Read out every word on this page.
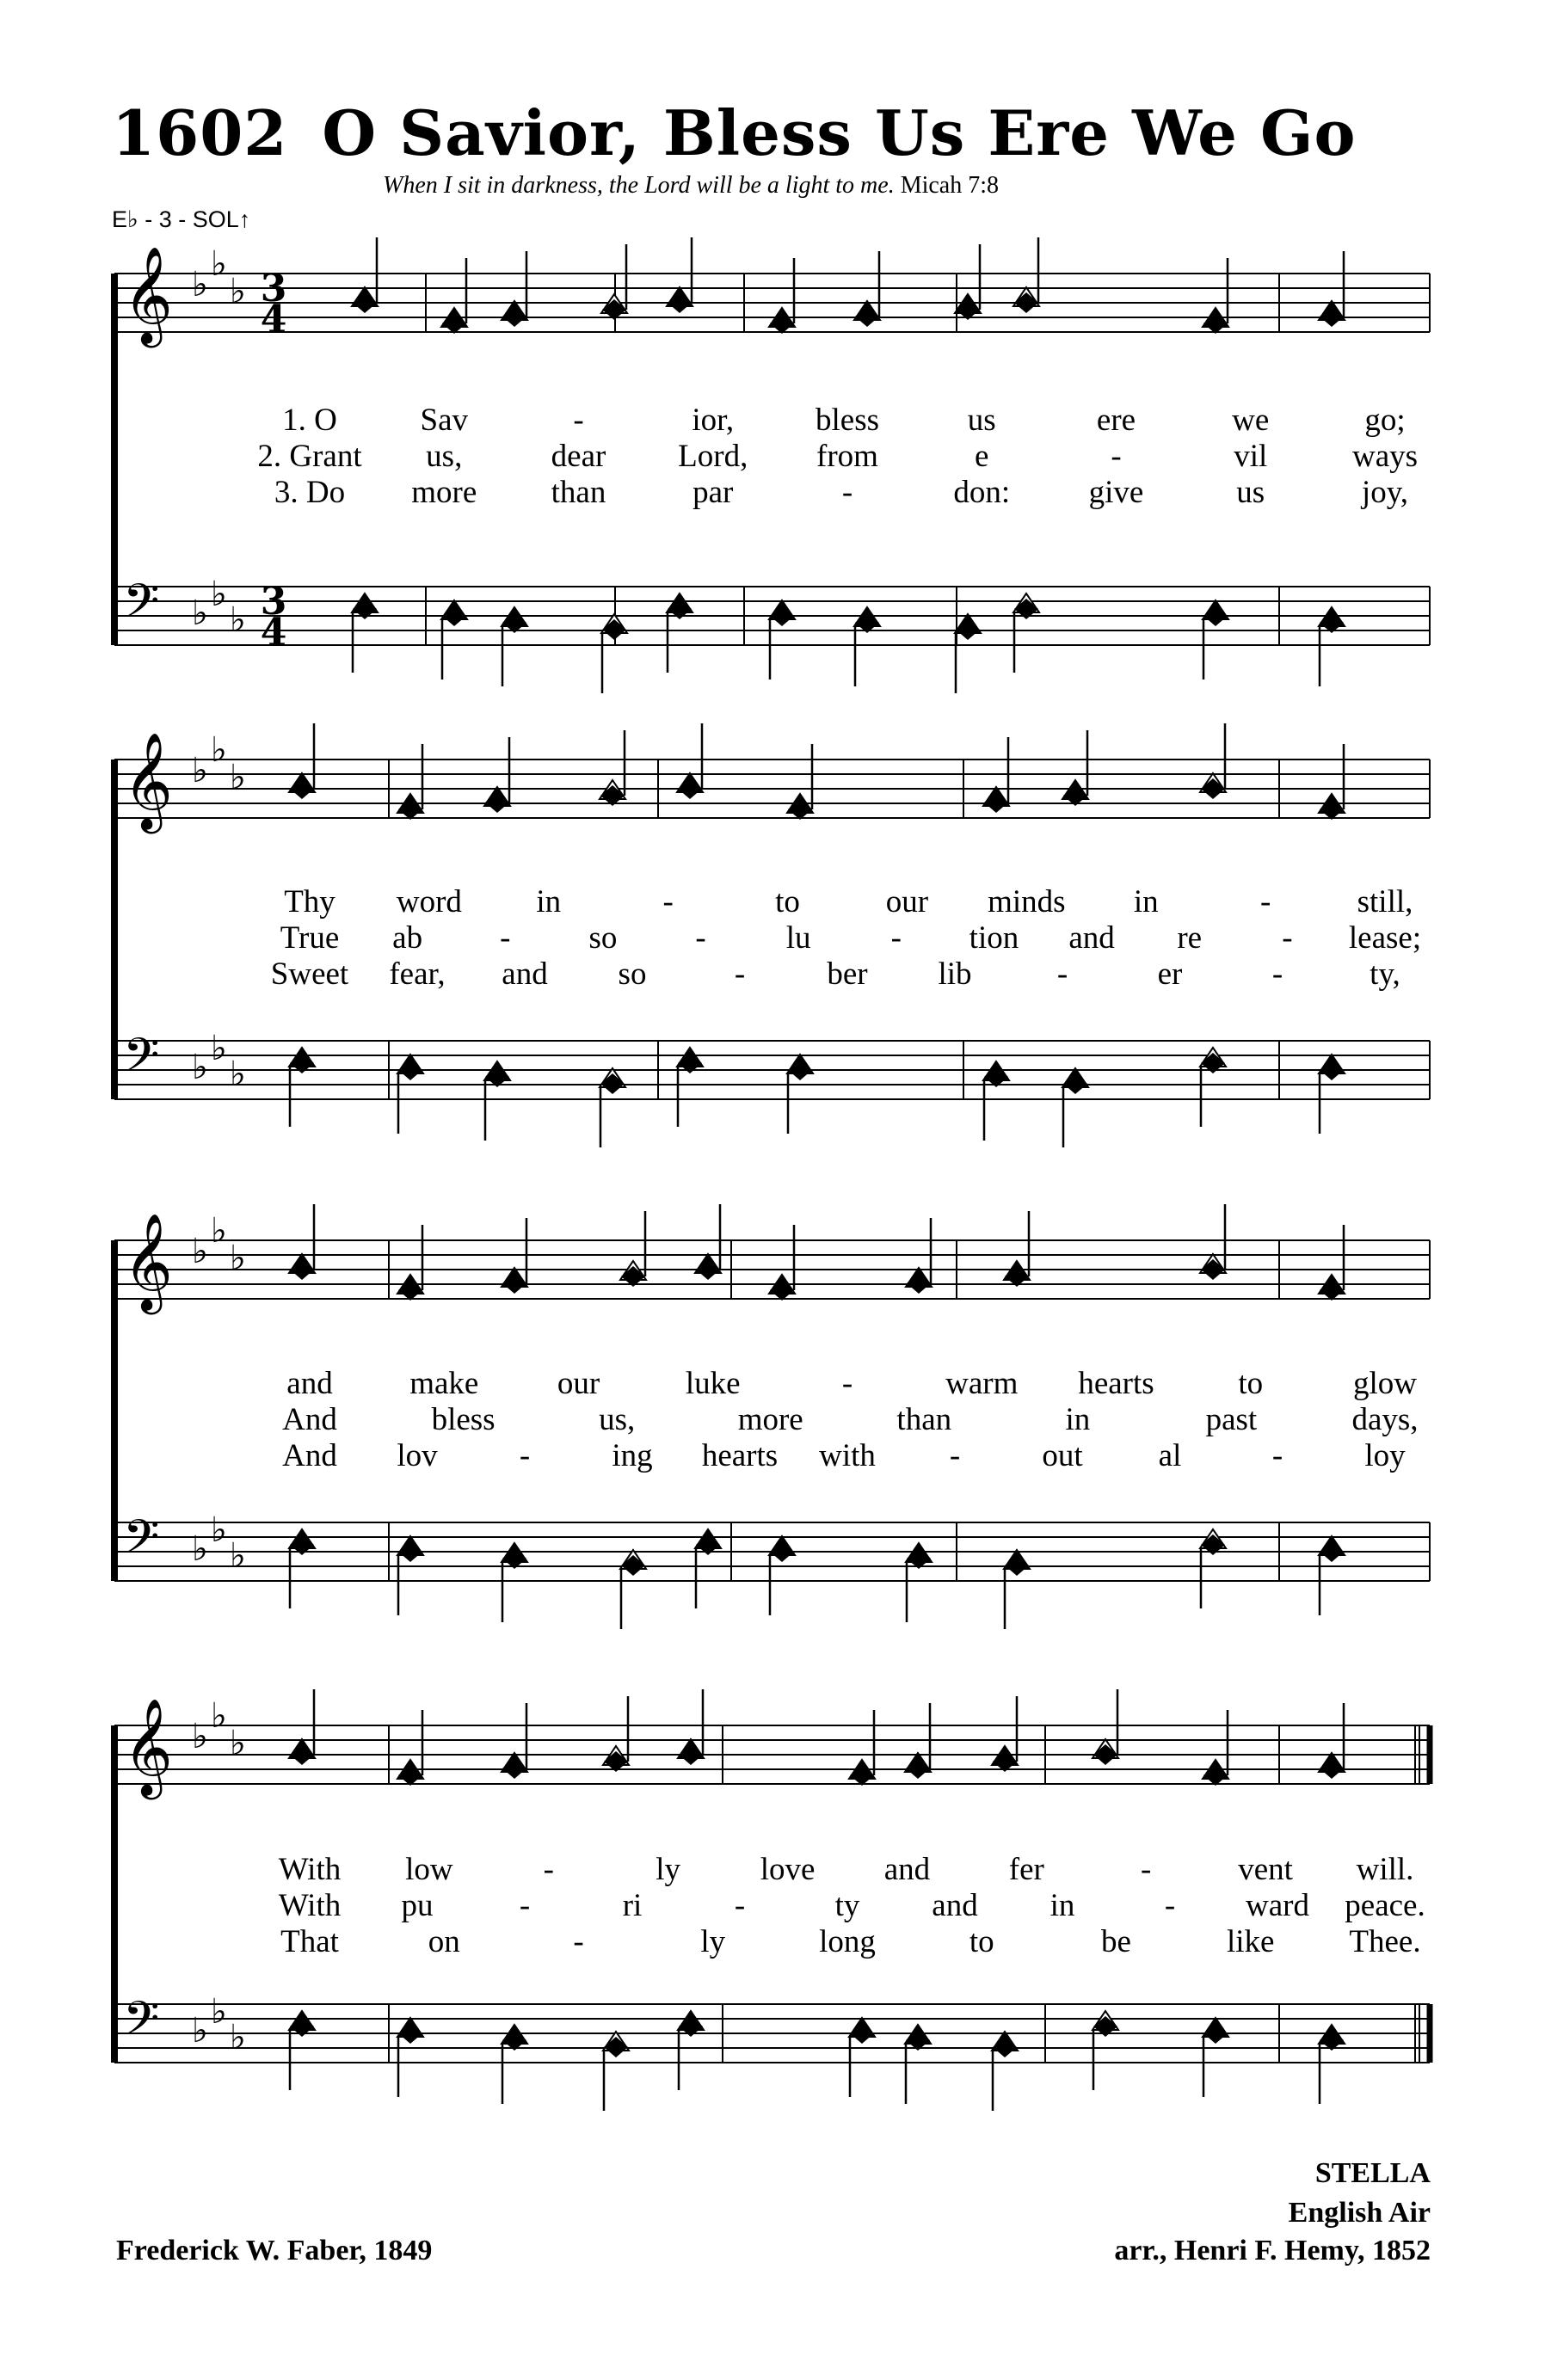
1602 O Savior, Bless Us Ere We Go
When I sit in darkness, the Lord will be a light to me. Micah 7:8
E♭ - 3 - SOL↑
𝄞 ♭
♭
♭ 3
4
𝄢 ♭ ♭
♭ 3
4
1. O	Sav	-	ior,	bless	us	ere	we	go;
2. Grant us,	dear Lord, from	e	-	vil	ways
3. Do more than	par	-	don: give	us	joy,
𝄞 ♭
♭
♭
𝄢 ♭ ♭
♭
Thy word in	-	to	our minds in	-	still,
True ab - so -	lu	- tion and re	- lease;
Sweet fear, and so	-	ber lib	-	er	-	ty,
𝄞 ♭
♭
♭
𝄢 ♭ ♭
♭
and make our	luke	-	warm hearts	to	glow
And	bless	us,	more	than	in	past	days,
And lov	-	ing hearts with -	out al	-	loy
𝄞 ♭
♭
♭
𝄢 ♭ ♭
♭
With low	-	ly	love and fer	-	vent will.
With pu	-	ri	-	ty and in	- ward peace.
That	on	-	ly	long	to	be	like Thee.
STELLA
English Air
Frederick W. Faber, 1849	arr., Henri F. Hemy, 1852
